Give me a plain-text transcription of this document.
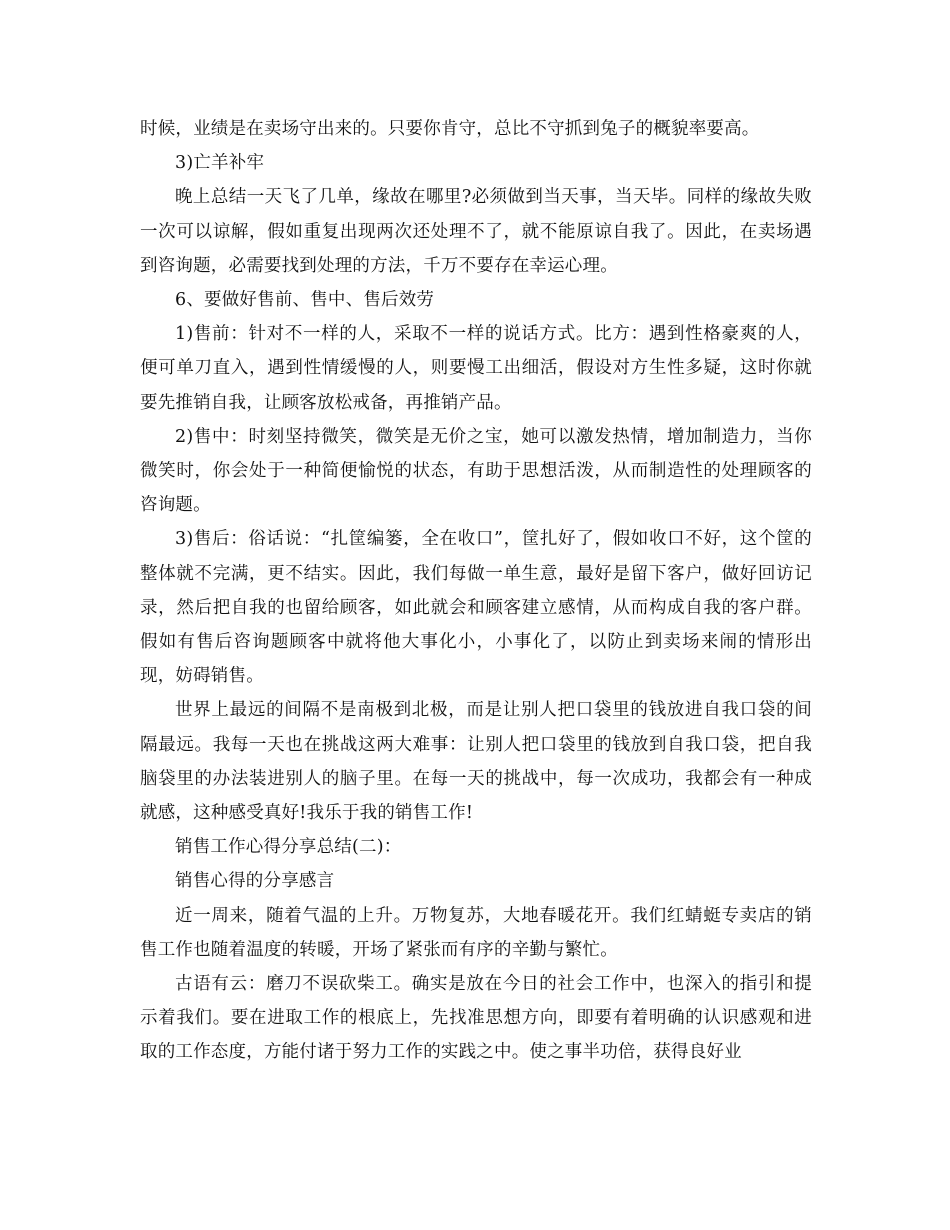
时候，业绩是在卖场守出来的。只要你肯守，总比不守抓到兔子的概貌率要高。

3)亡羊补牢

晚上总结一天飞了几单，缘故在哪里?必须做到当天事，当天毕。同样的缘故失败一次可以谅解，假如重复出现两次还处理不了，就不能原谅自我了。因此，在卖场遇到咨询题，必需要找到处理的方法，千万不要存在幸运心理。

6、要做好售前、售中、售后效劳

1)售前：针对不一样的人，采取不一样的说话方式。比方：遇到性格豪爽的人，便可单刀直入，遇到性情缓慢的人，则要慢工出细活，假设对方生性多疑，这时你就要先推销自我，让顾客放松戒备，再推销产品。

2)售中：时刻坚持微笑，微笑是无价之宝，她可以激发热情，增加制造力，当你微笑时，你会处于一种简便愉悦的状态，有助于思想活泼，从而制造性的处理顾客的咨询题。

3)售后：俗话说：“扎筐编篓，全在收口”，筐扎好了，假如收口不好，这个筐的整体就不完满，更不结实。因此，我们每做一单生意，最好是留下客户，做好回访记录，然后把自我的也留给顾客，如此就会和顾客建立感情，从而构成自我的客户群。假如有售后咨询题顾客中就将他大事化小，小事化了，以防止到卖场来闹的情形出现，妨碍销售。

世界上最远的间隔不是南极到北极，而是让别人把口袋里的钱放进自我口袋的间隔最远。我每一天也在挑战这两大难事：让别人把口袋里的钱放到自我口袋，把自我脑袋里的办法装进别人的脑子里。在每一天的挑战中，每一次成功，我都会有一种成就感，这种感受真好!我乐于我的销售工作!

销售工作心得分享总结(二)：

销售心得的分享感言

近一周来，随着气温的上升。万物复苏，大地春暖花开。我们红蜻蜓专卖店的销售工作也随着温度的转暖，开场了紧张而有序的辛勤与繁忙。

古语有云：磨刀不误砍柴工。确实是放在今日的社会工作中，也深入的指引和提示着我们。要在进取工作的根底上，先找准思想方向，即要有着明确的认识感观和进取的工作态度，方能付诸于努力工作的实践之中。使之事半功倍，获得良好业
